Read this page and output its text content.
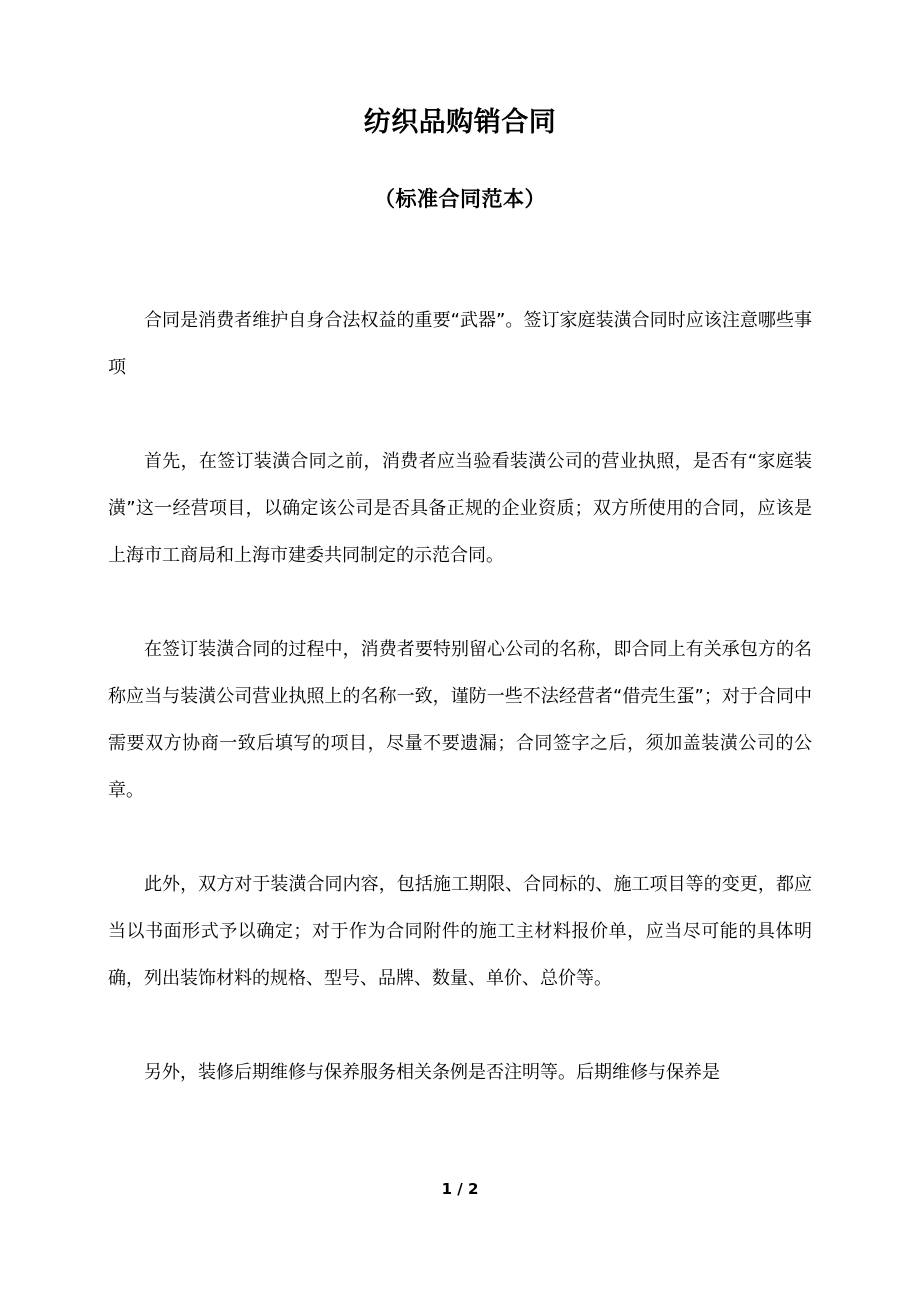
纺织品购销合同
（标准合同范本）

合同是消费者维护自身合法权益的重要“武器”。签订家庭装潢合同时应该注意哪些事项

首先，在签订装潢合同之前，消费者应当验看装潢公司的营业执照，是否有“家庭装潢”这一经营项目，以确定该公司是否具备正规的企业资质；双方所使用的合同，应该是上海市工商局和上海市建委共同制定的示范合同。

在签订装潢合同的过程中，消费者要特别留心公司的名称，即合同上有关承包方的名称应当与装潢公司营业执照上的名称一致，谨防一些不法经营者“借壳生蛋”；对于合同中需要双方协商一致后填写的项目，尽量不要遗漏；合同签字之后，须加盖装潢公司的公章。

此外，双方对于装潢合同内容，包括施工期限、合同标的、施工项目等的变更，都应当以书面形式予以确定；对于作为合同附件的施工主材料报价单，应当尽可能的具体明确，列出装饰材料的规格、型号、品牌、数量、单价、总价等。

另外，装修后期维修与保养服务相关条例是否注明等。后期维修与保养是

1 / 2
